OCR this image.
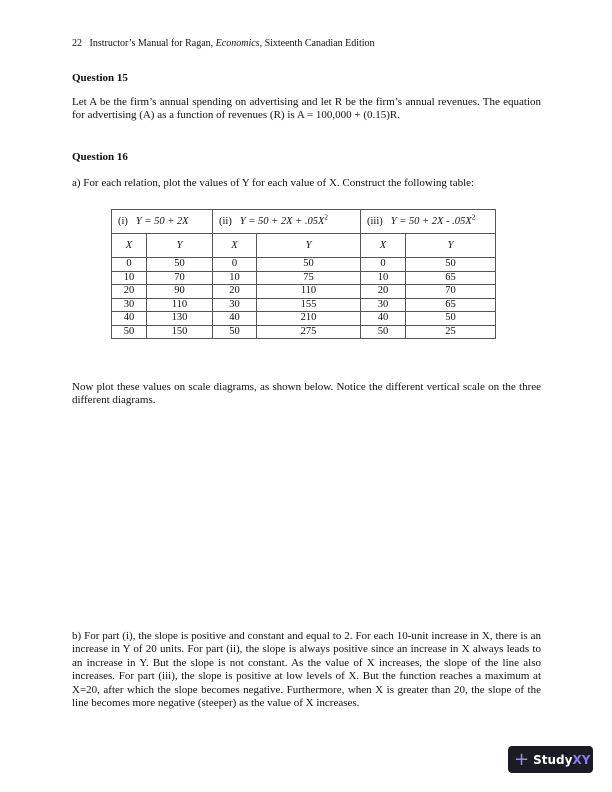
22 Instructor’s Manual for Ragan, Economics, Sixteenth Canadian Edition
Question 15
Let A be the firm’s annual spending on advertising and let R be the firm’s annual revenues. The equation for advertising (A) as a function of revenues (R) is A = 100,000 + (0.15)R.
Question 16
a) For each relation, plot the values of Y for each value of X. Construct the following table:
(i) Y = 50 + 2X		(ii) $Y = 50 + 2X + .05X^2$		(iii) $Y = 50 + 2X - .05X^2$
X	Y	X	Y	X	Y
0	50	0	50	0	50
10	70	10	75	10	65
20	90	20	110	20	70
30	110	30	155	30	65
40	130	40	210	40	50
50	150	50	275	50	25
Now plot these values on scale diagrams, as shown below. Notice the different vertical scale on the three different diagrams.
b) For part (i), the slope is positive and constant and equal to 2. For each 10-unit increase in X, there is an increase in Y of 20 units. For part (ii), the slope is always positive since an increase in X always leads to an increase in Y. But the slope is not constant. As the value of X increases, the slope of the line also increases. For part (iii), the slope is positive at low levels of X. But the function reaches a maximum at X=20, after which the slope becomes negative. Furthermore, when X is greater than 20, the slope of the line becomes more negative (steeper) as the value of X increases.
+ Study XY
